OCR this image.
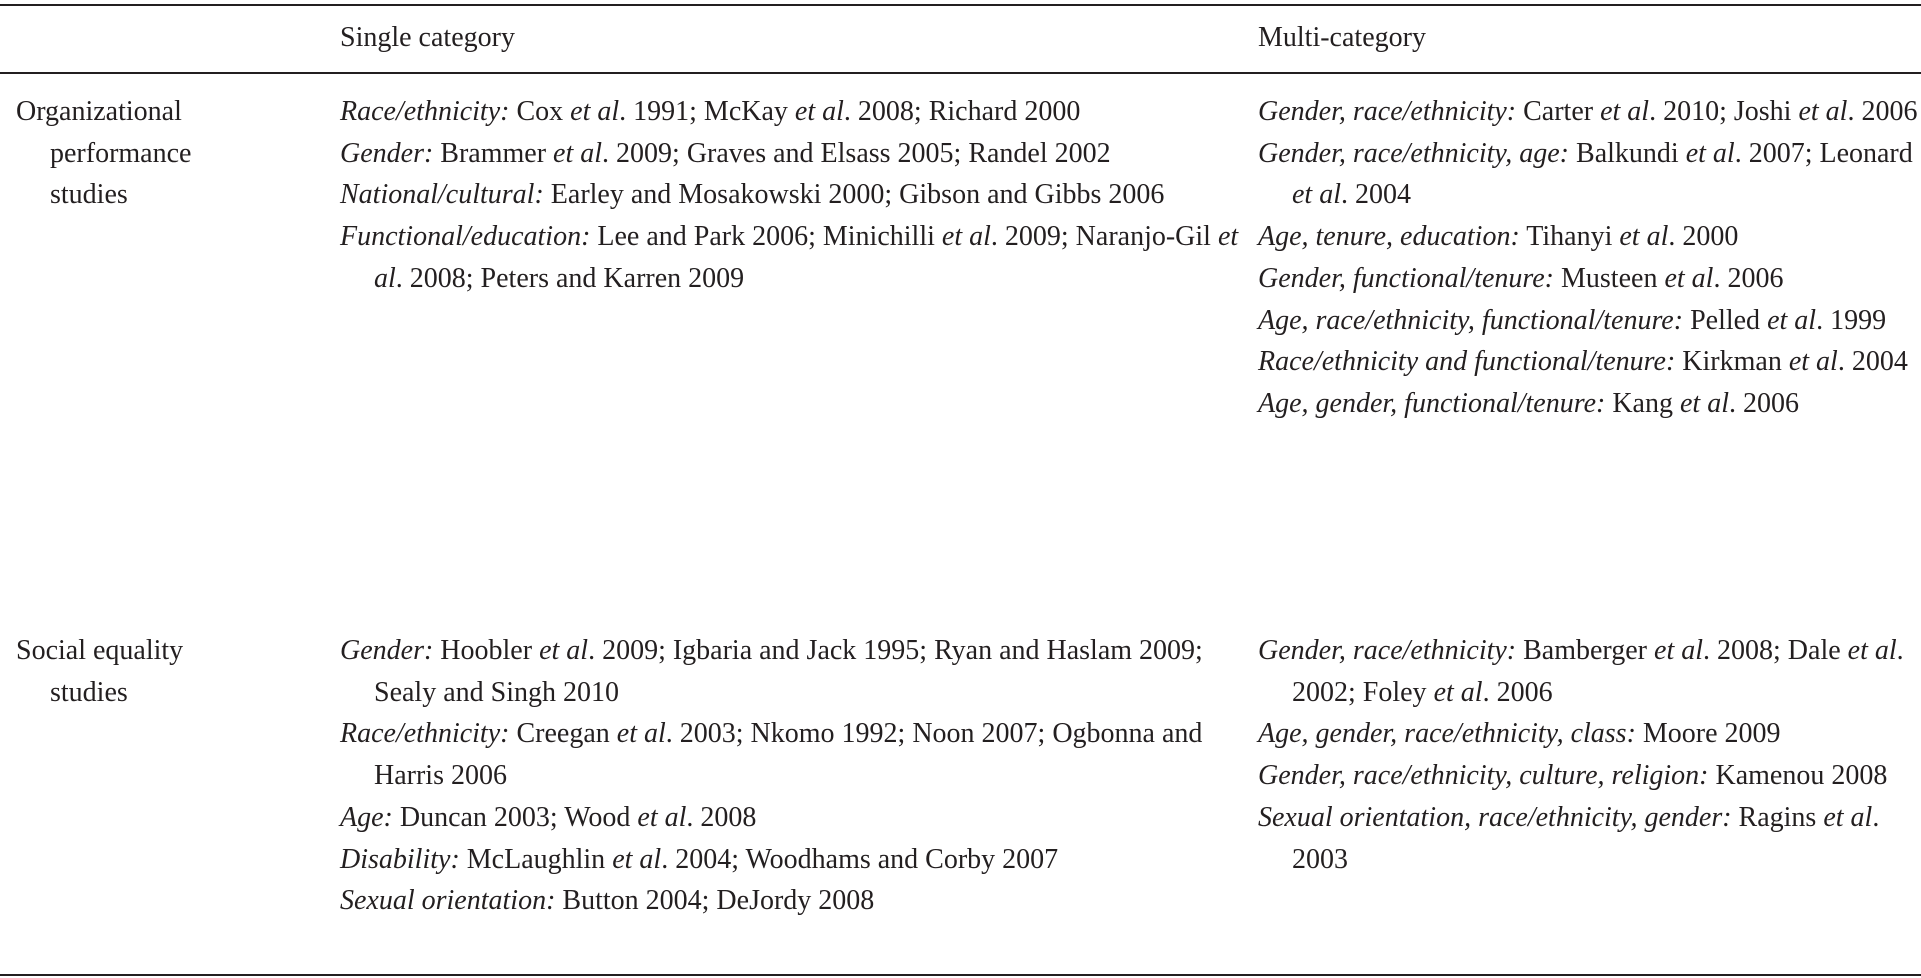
Single category	Multi-category
Organizational performance studies
Race/ethnicity: Cox et al. 1991; McKay et al. 2008; Richard 2000
Gender: Brammer et al. 2009; Graves and Elsass 2005; Randel 2002
National/cultural: Earley and Mosakowski 2000; Gibson and Gibbs 2006
Functional/education: Lee and Park 2006; Minichilli et al. 2009; Naranjo-Gil et al. 2008; Peters and Karren 2009
Gender, race/ethnicity: Carter et al. 2010; Joshi et al. 2006
Gender, race/ethnicity, age: Balkundi et al. 2007; Leonard et al. 2004
Age, tenure, education: Tihanyi et al. 2000
Gender, functional/tenure: Musteen et al. 2006
Age, race/ethnicity, functional/tenure: Pelled et al. 1999
Race/ethnicity and functional/tenure: Kirkman et al. 2004
Age, gender, functional/tenure: Kang et al. 2006
Social equality studies
Gender: Hoobler et al. 2009; Igbaria and Jack 1995; Ryan and Haslam 2009; Sealy and Singh 2010
Race/ethnicity: Creegan et al. 2003; Nkomo 1992; Noon 2007; Ogbonna and Harris 2006
Age: Duncan 2003; Wood et al. 2008
Disability: McLaughlin et al. 2004; Woodhams and Corby 2007
Sexual orientation: Button 2004; DeJordy 2008
Gender, race/ethnicity: Bamberger et al. 2008; Dale et al. 2002; Foley et al. 2006
Age, gender, race/ethnicity, class: Moore 2009
Gender, race/ethnicity, culture, religion: Kamenou 2008
Sexual orientation, race/ethnicity, gender: Ragins et al. 2003
